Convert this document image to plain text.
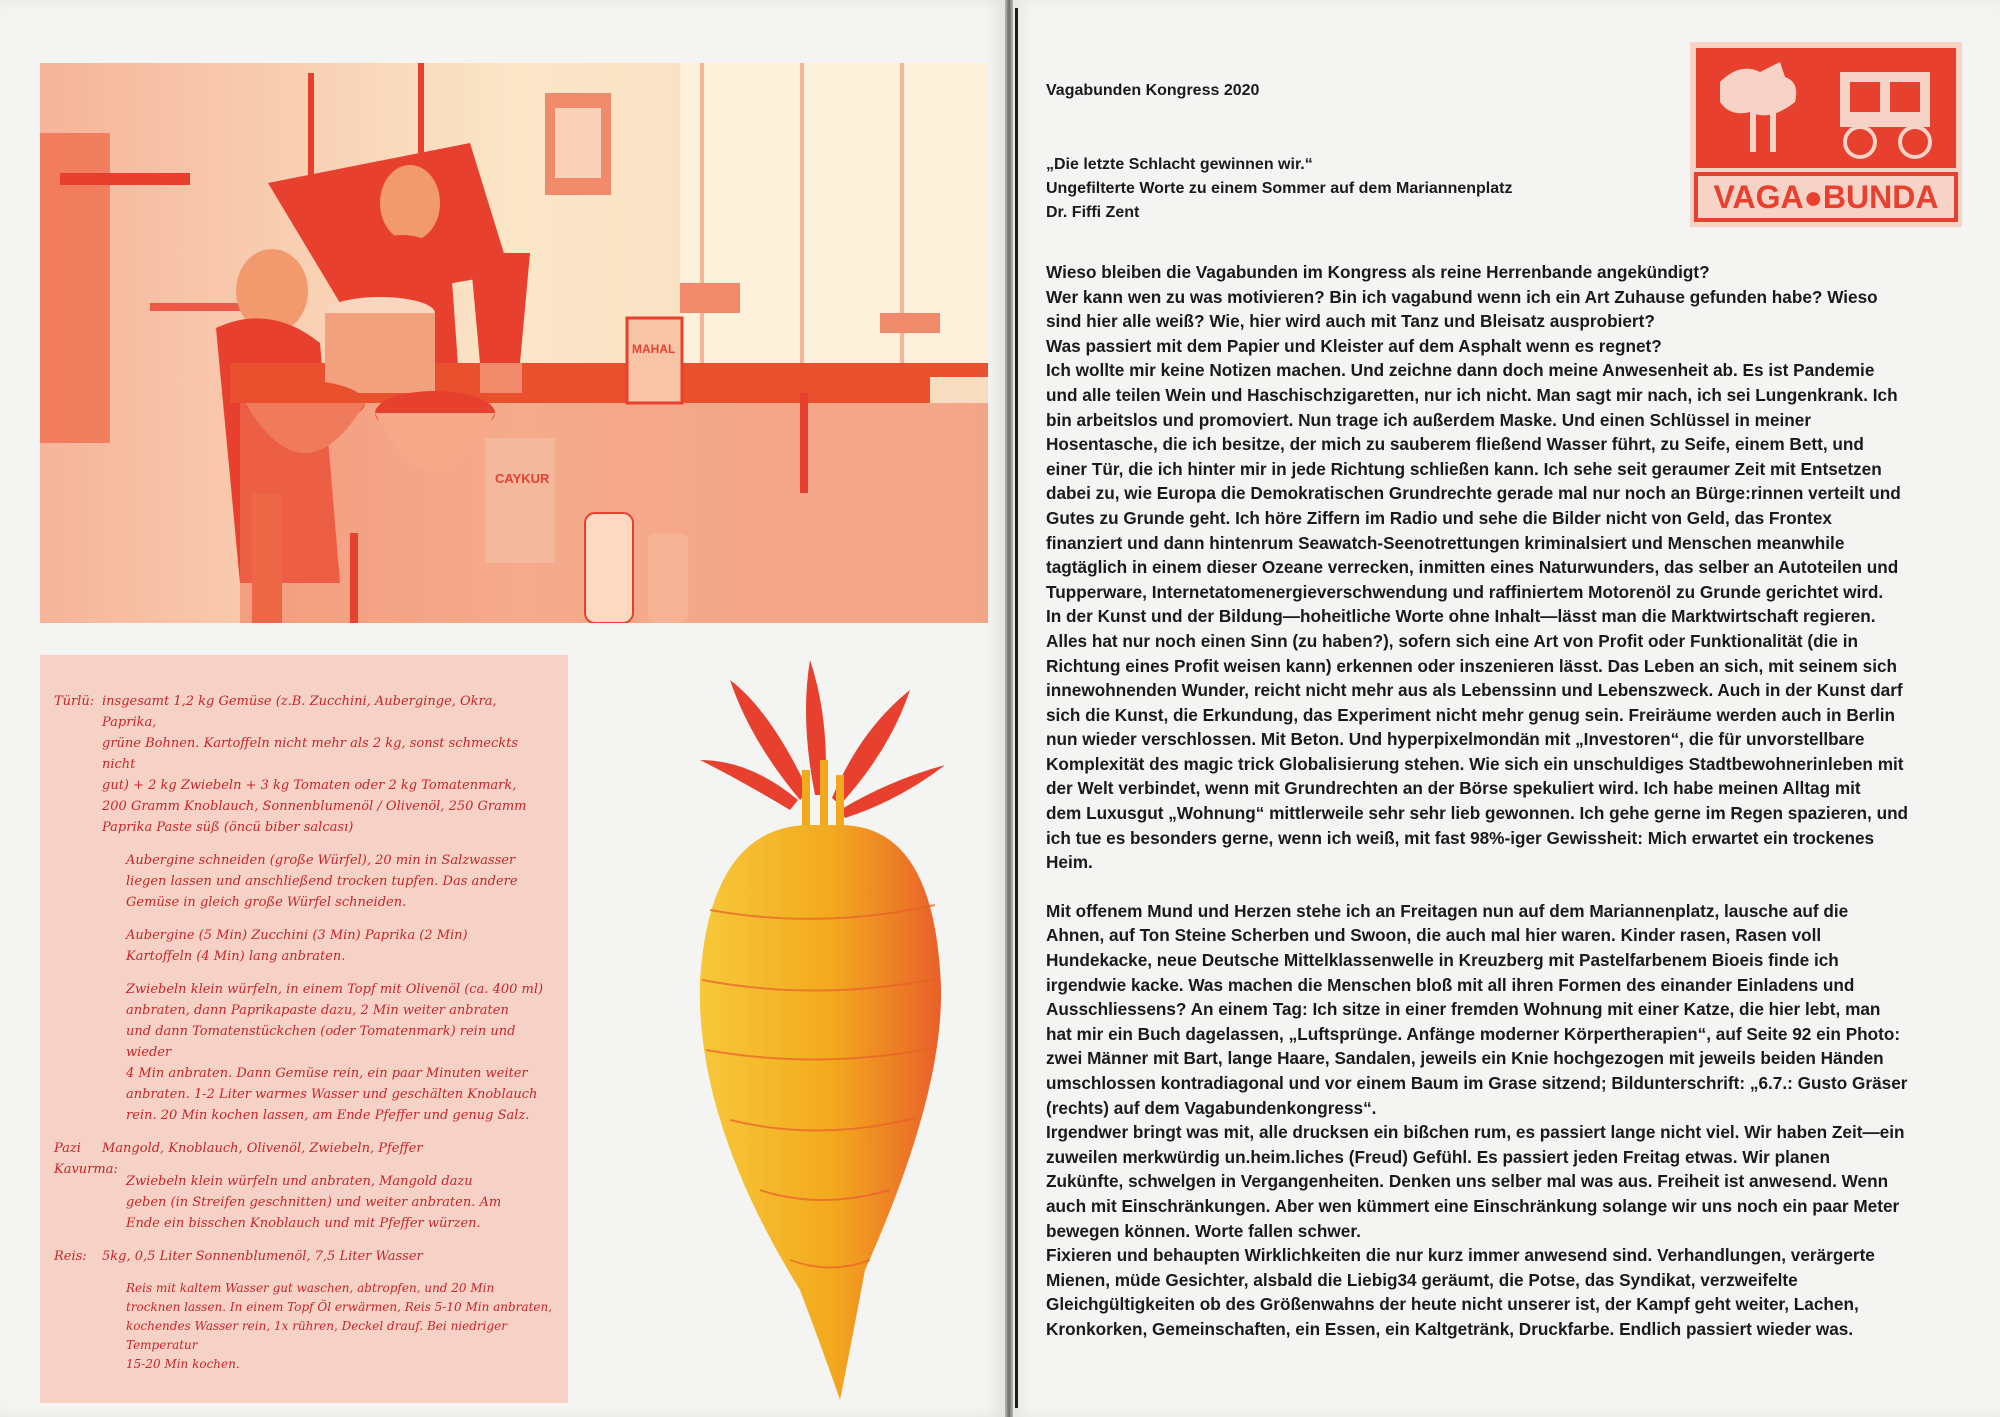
CAYKUR
MAHAL
Türlü: insgesamt 1,2 kg Gemüse (z.B. Zucchini, Auberginge, Okra, Paprika,
grüne Bohnen. Kartoffeln nicht mehr als 2 kg, sonst schmeckts nicht
gut) + 2 kg Zwiebeln + 3 kg Tomaten oder 2 kg Tomatenmark,
200 Gramm Knoblauch, Sonnenblumenöl / Olivenöl, 250 Gramm
Paprika Paste süß (öncü biber salcası)
Aubergine schneiden (große Würfel), 20 min in Salzwasser
liegen lassen und anschließend trocken tupfen. Das andere
Gemüse in gleich große Würfel schneiden.
Aubergine (5 Min) Zucchini (3 Min) Paprika (2 Min)
Kartoffeln (4 Min) lang anbraten.
Zwiebeln klein würfeln, in einem Topf mit Olivenöl (ca. 400 ml)
anbraten, dann Paprikapaste dazu, 2 Min weiter anbraten
und dann Tomatenstückchen (oder Tomatenmark) rein und wieder
4 Min anbraten. Dann Gemüse rein, ein paar Minuten weiter
anbraten. 1-2 Liter warmes Wasser und geschälten Knoblauch
rein. 20 Min kochen lassen, am Ende Pfeffer und genug Salz.
Pazi Kavurma:
Mangold, Knoblauch, Olivenöl, Zwiebeln, Pfeffer
Zwiebeln klein würfeln und anbraten, Mangold dazu
geben (in Streifen geschnitten) und weiter anbraten. Am
Ende ein bisschen Knoblauch und mit Pfeffer würzen.
Reis:	5kg, 0,5 Liter Sonnenblumenöl, 7,5 Liter Wasser
Reis mit kaltem Wasser gut waschen, abtropfen, und 20 Min
trocknen lassen. In einem Topf Öl erwärmen, Reis 5-10 Min anbraten,
kochendes Wasser rein, 1x rühren, Deckel drauf. Bei niedriger Temperatur
15-20 Min kochen.
VAGA●BUNDA
Vagabunden Kongress 2020
„Die letzte Schlacht gewinnen wir.“
Ungefilterte Worte zu einem Sommer auf dem Mariannenplatz
Dr. Fiffi Zent

Wieso bleiben die Vagabunden im Kongress als reine Herrenbande angekündigt?

Wer kann wen zu was motivieren? Bin ich vagabund wenn ich ein Art Zuhause gefunden habe? Wieso

sind hier alle weiß? Wie, hier wird auch mit Tanz und Bleisatz ausprobiert?

Was passiert mit dem Papier und Kleister auf dem Asphalt wenn es regnet?

Ich wollte mir keine Notizen machen. Und zeichne dann doch meine Anwesenheit ab. Es ist Pandemie

und alle teilen Wein und Haschischzigaretten, nur ich nicht. Man sagt mir nach, ich sei Lungenkrank. Ich

bin arbeitslos und promoviert. Nun trage ich außerdem Maske. Und einen Schlüssel in meiner

Hosentasche, die ich besitze, der mich zu sauberem fließend Wasser führt, zu Seife, einem Bett, und

einer Tür, die ich hinter mir in jede Richtung schließen kann. Ich sehe seit geraumer Zeit mit Entsetzen

dabei zu, wie Europa die Demokratischen Grundrechte gerade mal nur noch an Bürge:rinnen verteilt und

Gutes zu Grunde geht. Ich höre Ziffern im Radio und sehe die Bilder nicht von Geld, das Frontex

finanziert und dann hintenrum Seawatch-Seenotrettungen kriminalsiert und Menschen meanwhile

tagtäglich in einem dieser Ozeane verrecken, inmitten eines Naturwunders, das selber an Autoteilen und

Tupperware, Internetatomenergieverschwendung und raffiniertem Motorenöl zu Grunde gerichtet wird.

In der Kunst und der Bildung—hoheitliche Worte ohne Inhalt—lässt man die Marktwirtschaft regieren.

Alles hat nur noch einen Sinn (zu haben?), sofern sich eine Art von Profit oder Funktionalität (die in

Richtung eines Profit weisen kann) erkennen oder inszenieren lässt. Das Leben an sich, mit seinem sich

innewohnenden Wunder, reicht nicht mehr aus als Lebenssinn und Lebenszweck. Auch in der Kunst darf

sich die Kunst, die Erkundung, das Experiment nicht mehr genug sein. Freiräume werden auch in Berlin

nun wieder verschlossen. Mit Beton. Und hyperpixelmondän mit „Investoren“, die für unvorstellbare

Komplexität des magic trick Globalisierung stehen. Wie sich ein unschuldiges Stadtbewohnerinleben mit

der Welt verbindet, wenn mit Grundrechten an der Börse spekuliert wird. Ich habe meinen Alltag mit

dem Luxusgut „Wohnung“ mittlerweile sehr sehr lieb gewonnen. Ich gehe gerne im Regen spazieren, und

ich tue es besonders gerne, wenn ich weiß, mit fast 98%-iger Gewissheit: Mich erwartet ein trockenes

Heim.

Mit offenem Mund und Herzen stehe ich an Freitagen nun auf dem Mariannenplatz, lausche auf die

Ahnen, auf Ton Steine Scherben und Swoon, die auch mal hier waren. Kinder rasen, Rasen voll

Hundekacke, neue Deutsche Mittelklassenwelle in Kreuzberg mit Pastelfarbenem Bioeis finde ich

irgendwie kacke. Was machen die Menschen bloß mit all ihren Formen des einander Einladens und

Ausschliessens? An einem Tag: Ich sitze in einer fremden Wohnung mit einer Katze, die hier lebt, man

hat mir ein Buch dagelassen, „Luftsprünge. Anfänge moderner Körpertherapien“, auf Seite 92 ein Photo:

zwei Männer mit Bart, lange Haare, Sandalen, jeweils ein Knie hochgezogen mit jeweils beiden Händen

umschlossen kontradiagonal und vor einem Baum im Grase sitzend; Bildunterschrift: „6.7.: Gusto Gräser

(rechts) auf dem Vagabundenkongress“.

Irgendwer bringt was mit, alle drucksen ein bißchen rum, es passiert lange nicht viel. Wir haben Zeit—ein

zuweilen merkwürdig un.heim.liches (Freud) Gefühl. Es passiert jeden Freitag etwas. Wir planen

Zukünfte, schwelgen in Vergangenheiten. Denken uns selber mal was aus. Freiheit ist anwesend. Wenn

auch mit Einschränkungen. Aber wen kümmert eine Einschränkung solange wir uns noch ein paar Meter

bewegen können. Worte fallen schwer.

Fixieren und behaupten Wirklichkeiten die nur kurz immer anwesend sind. Verhandlungen, verärgerte

Mienen, müde Gesichter, alsbald die Liebig34 geräumt, die Potse, das Syndikat, verzweifelte

Gleichgültigkeiten ob des Größenwahns der heute nicht unserer ist, der Kampf geht weiter, Lachen,

Kronkorken, Gemeinschaften, ein Essen, ein Kaltgetränk, Druckfarbe. Endlich passiert wieder was.
